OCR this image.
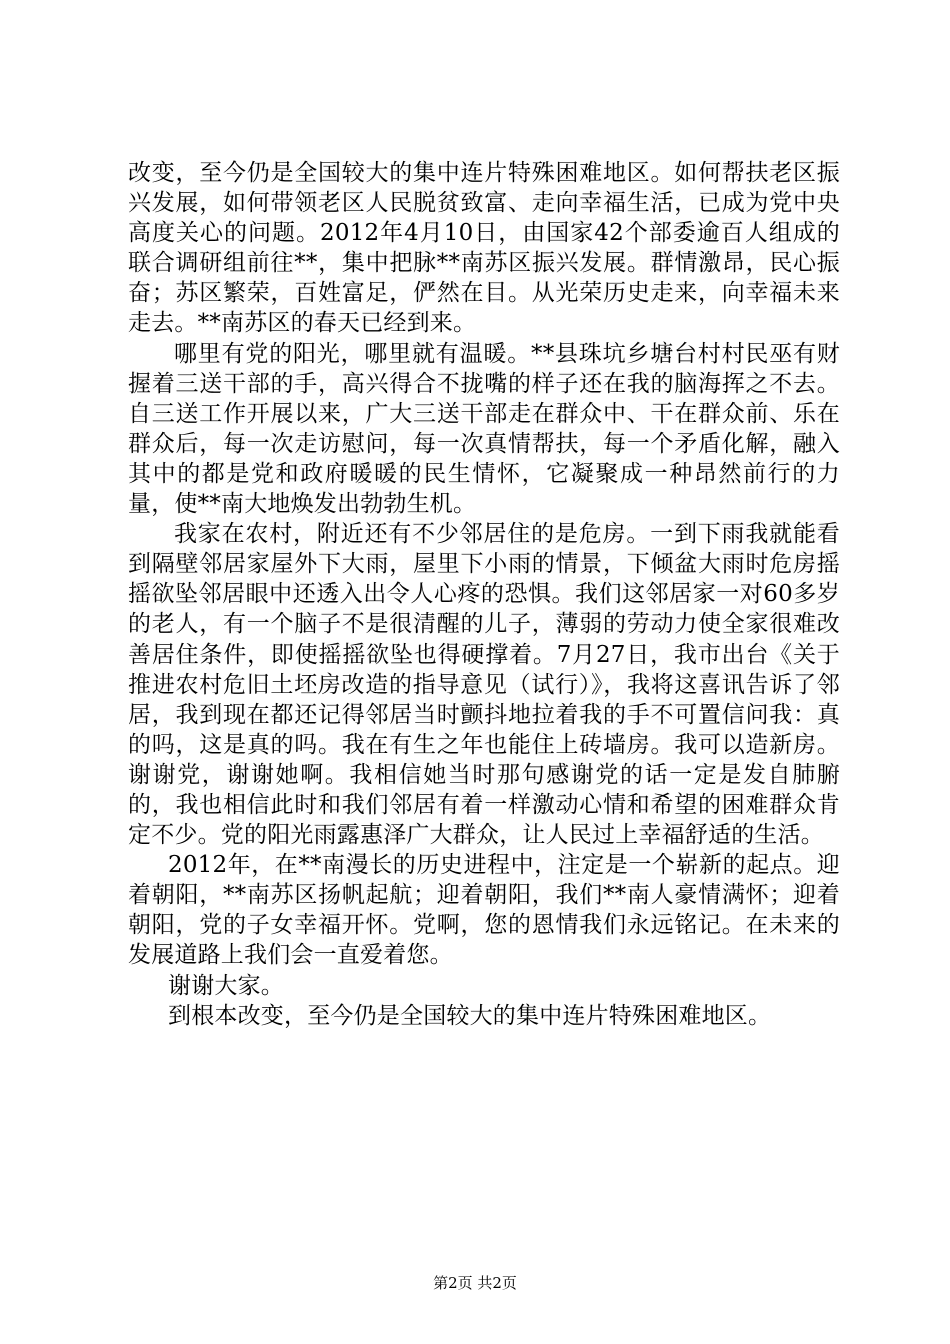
改变，至今仍是全国较大的集中连片特殊困难地区。如何帮扶老区振兴发展，如何带领老区人民脱贫致富、走向幸福生活，已成为党中央高度关心的问题。2012年4月10日，由国家42个部委逾百人组成的联合调研组前往**，集中把脉**南苏区振兴发展。群情激昂，民心振奋；苏区繁荣，百姓富足，俨然在目。从光荣历史走来，向幸福未来走去。**南苏区的春天已经到来。

哪里有党的阳光，哪里就有温暖。**县珠坑乡塘台村村民巫有财握着三送干部的手，高兴得合不拢嘴的样子还在我的脑海挥之不去。自三送工作开展以来，广大三送干部走在群众中、干在群众前、乐在群众后，每一次走访慰问，每一次真情帮扶，每一个矛盾化解，融入其中的都是党和政府暖暖的民生情怀，它凝聚成一种昂然前行的力量，使**南大地焕发出勃勃生机。

我家在农村，附近还有不少邻居住的是危房。一到下雨我就能看到隔壁邻居家屋外下大雨，屋里下小雨的情景，下倾盆大雨时危房摇摇欲坠邻居眼中还透入出令人心疼的恐惧。我们这邻居家一对60多岁的老人，有一个脑子不是很清醒的儿子，薄弱的劳动力使全家很难改善居住条件，即使摇摇欲坠也得硬撑着。7月27日，我市出台《关于推进农村危旧土坯房改造的指导意见（试行）》，我将这喜讯告诉了邻居，我到现在都还记得邻居当时颤抖地拉着我的手不可置信问我：真的吗，这是真的吗。我在有生之年也能住上砖墙房。我可以造新房。谢谢党，谢谢她啊。我相信她当时那句感谢党的话一定是发自肺腑的，我也相信此时和我们邻居有着一样激动心情和希望的困难群众肯定不少。党的阳光雨露惠泽广大群众，让人民过上幸福舒适的生活。

2012年，在**南漫长的历史进程中，注定是一个崭新的起点。迎着朝阳，**南苏区扬帆起航；迎着朝阳，我们**南人豪情满怀；迎着朝阳，党的子女幸福开怀。党啊，您的恩情我们永远铭记。在未来的发展道路上我们会一直爱着您。

谢谢大家。

到根本改变，至今仍是全国较大的集中连片特殊困难地区。

第2页 共2页
